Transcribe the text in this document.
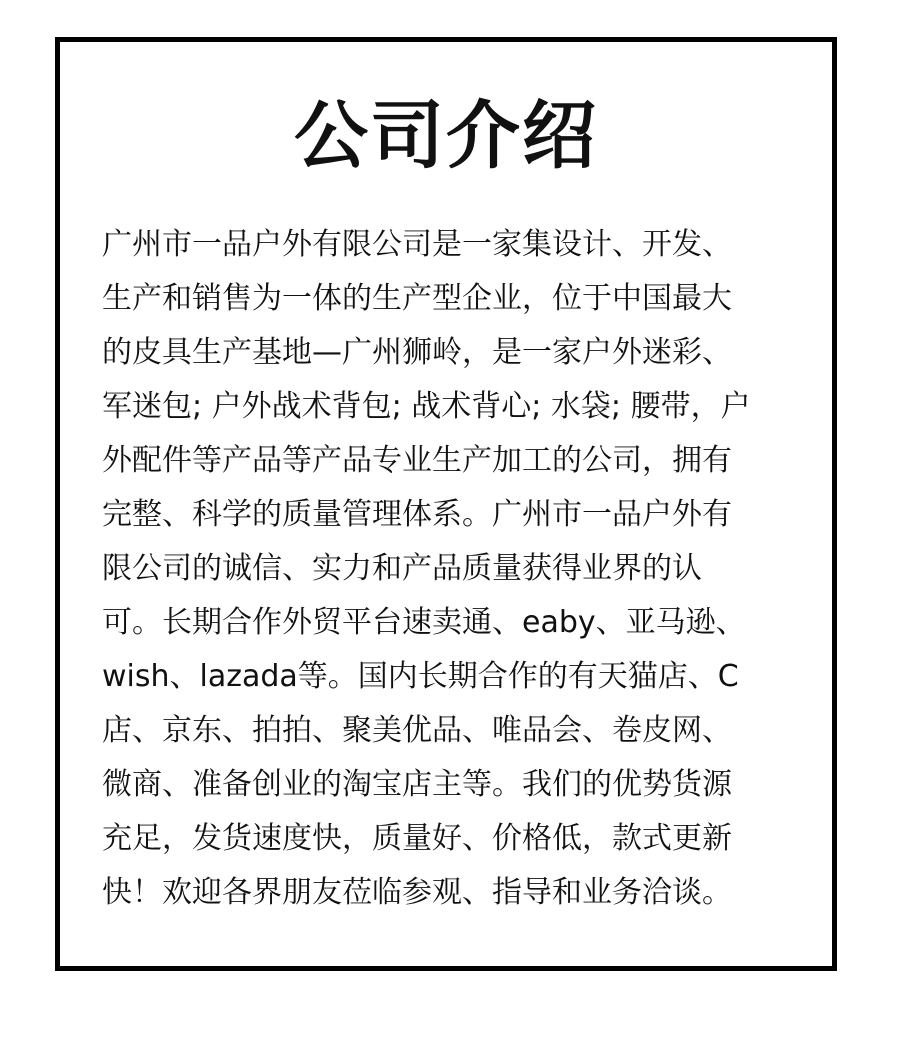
公司介绍
广州市一品户外有限公司是一家集设计、开发、
生产和销售为一体的生产型企业，位于中国最大
的皮具生产基地—广州狮岭，是一家户外迷彩、
军迷包; 户外战术背包; 战术背心; 水袋; 腰带，户
外配件等产品等产品专业生产加工的公司，拥有
完整、科学的质量管理体系。广州市一品户外有
限公司的诚信、实力和产品质量获得业界的认
可。长期合作外贸平台速卖通、eaby、亚马逊、
wish、lazada等。国内长期合作的有天猫店、C
店、京东、拍拍、聚美优品、唯品会、卷皮网、
微商、准备创业的淘宝店主等。我们的优势货源
充足，发货速度快，质量好、价格低，款式更新
快！欢迎各界朋友莅临参观、指导和业务洽谈。
